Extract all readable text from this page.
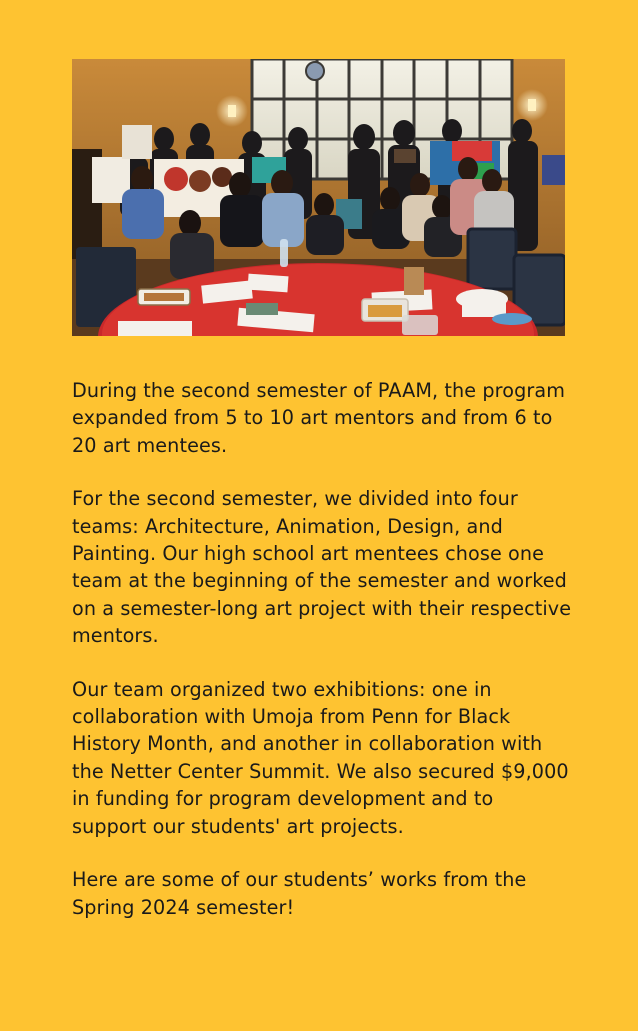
During the second semester of PAAM, the program expanded from 5 to 10 art mentors and from 6 to 20 art mentees.

For the second semester, we divided into four teams: Architecture, Animation, Design, and Painting. Our high school art mentees chose one team at the beginning of the semester and worked on a semester-long art project with their respective mentors.

Our team organized two exhibitions: one in collaboration with Umoja from Penn for Black History Month, and another in collaboration with the Netter Center Summit. We also secured $9,000 in funding for program development and to support our students' art projects.

Here are some of our students’ works from the Spring 2024 semester!
